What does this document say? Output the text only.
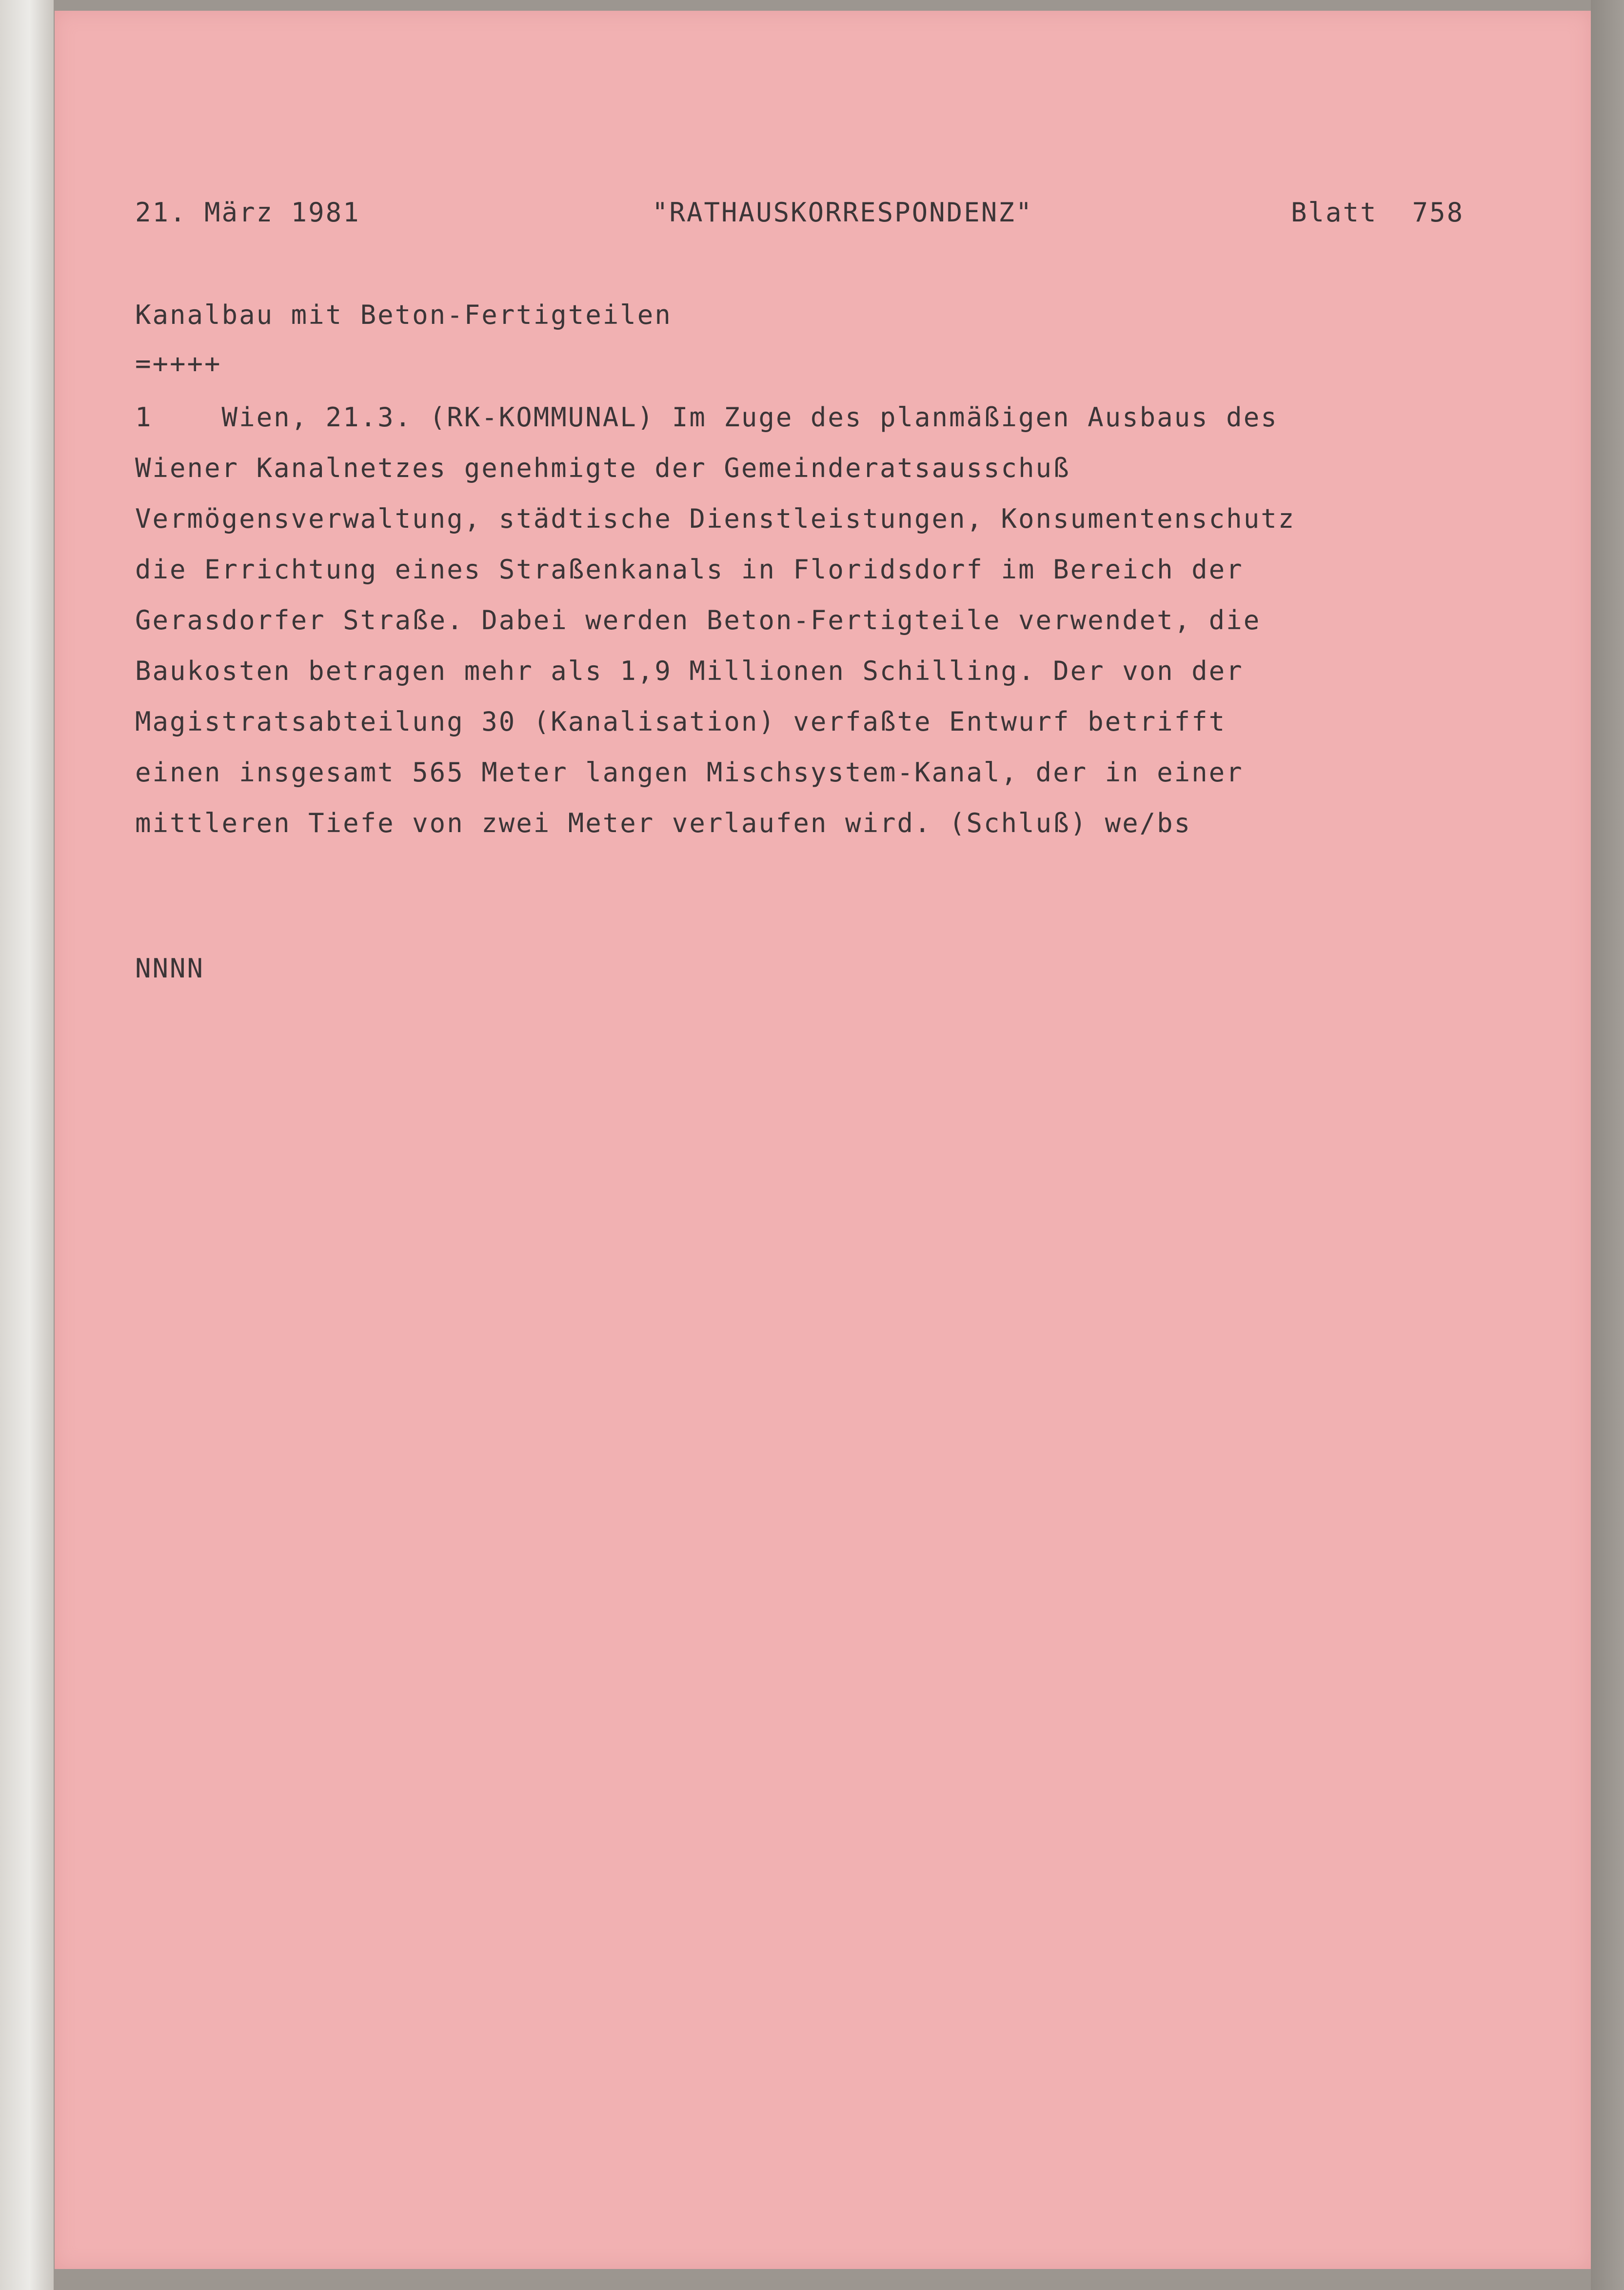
21. März 1981	"RATHAUSKORRESPONDENZ"	Blatt  758
Kanalbau mit Beton-Fertigteilen
=++++
1    Wien, 21.3. (RK-KOMMUNAL) Im Zuge des planmäßigen Ausbaus des
Wiener Kanalnetzes genehmigte der Gemeinderatsausschuß
Vermögensverwaltung, städtische Dienstleistungen, Konsumentenschutz
die Errichtung eines Straßenkanals in Floridsdorf im Bereich der
Gerasdorfer Straße. Dabei werden Beton-Fertigteile verwendet, die
Baukosten betragen mehr als 1,9 Millionen Schilling. Der von der
Magistratsabteilung 30 (Kanalisation) verfaßte Entwurf betrifft
einen insgesamt 565 Meter langen Mischsystem-Kanal, der in einer
mittleren Tiefe von zwei Meter verlaufen wird. (Schluß) we/bs
NNNN
